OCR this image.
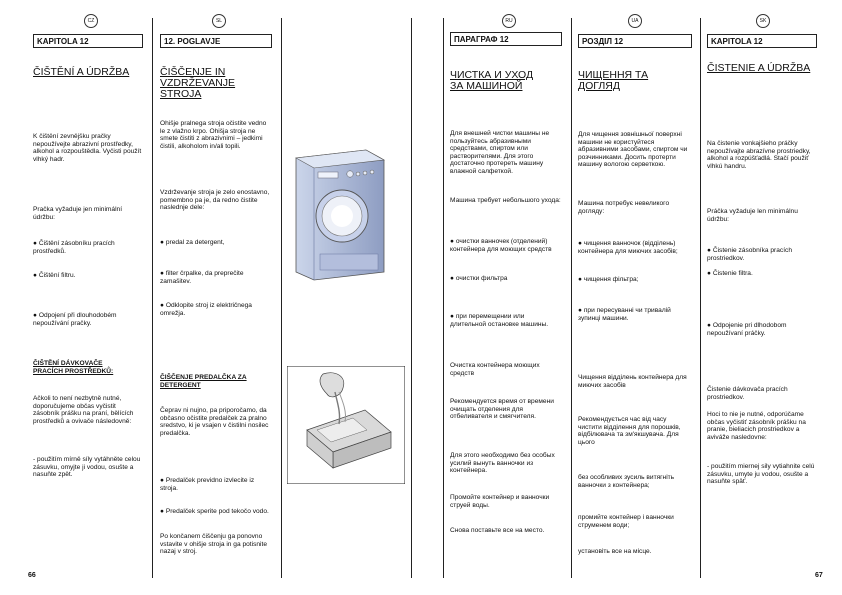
CZ	SL	RU	UA	SK
KAPITOLA 12
ČIŠTĚNÍ A ÚDRŽBA
K čištění zevnějšku pračky nepoužívejte abrazivní prostředky, alkohol a rozpouštědla. Vyčisti použít vlhký hadr.
Pračka vyžaduje jen minimální údržbu:
● Čištění zásobníku pracích prostředků.
● Čištění filtru.
● Odpojení při dlouhodobém nepoužívání pračky.
ČIŠTĚNÍ DÁVKOVAČE PRACÍCH PROSTŘEDKŮ:
Ačkoli to není nezbytně nutné, doporučujeme občas vyčistit zásobník prášku na praní, bělících prostředků a ovivače následovně:
- použitím mírně síly vytáhněte celou zásuvku, omyjte ji vodou, osušte a nasuňte zpět.
12. POGLAVJE
ČIŠČENJE IN VZDRŽEVANJE STROJA
Ohišje pralnega stroja očistite vedno le z vlažno krpo. Ohišja stroja ne smete čistiti z abrazivnimi – jedkimi čistili, alkoholom in/ali topili.
Vzdrževanje stroja je zelo enostavno, pomembno pa je, da redno čistite naslednje dele:
● predal za detergent,
● filter črpalke, da preprečite zamašitev.
● Odklopite stroj iz električnega omrežja.
ČIŠČENJE PREDALČKA ZA DETERGENT
Čeprav ni nujno, pa priporočamo, da občasno očistite predalček za pralno sredstvo, ki je vsajen v čistilni nosilec predalčka.
● Predalček previdno izvlecite iz stroja.
● Predalček sperite pod tekočo vodo.
Po končanem čiščenju ga ponovno vstavite v ohišje stroja in ga potisnite nazaj v stroj.
66
ПАРАГРАФ 12
ЧИСТКА И УХОД ЗА МАШИНОЙ
Для внешней чистки машины не пользуйтесь абразивными средствами, спиртом или растворителями. Для этого достаточно протереть машину влажной салфеткой.
Машина требует небольшого ухода:
● очистки ванночек (отделений) контейнера для моющих средств
● очистки фильтра
● при перемещении или длительной остановке машины.
Очистка контейнера моющих средств
Рекомендуется время от времени очищать отделения для отбеливателя и смягчителя.
Для этого необходимо без особых усилий вынуть ванночки из контейнера.
Промойте контейнер и ванночки струей воды.
Снова поставьте все на место.
РОЗДІЛ 12
ЧИЩЕННЯ ТА ДОГЛЯД
Для чищення зовнішньої поверхні машини не користуйтеся абразивними засобами, спиртом чи розчинниками. Досить протерти машину вологою серветкою.
Машина потребує невеликого догляду:
● чищення ванночок (відділень) контейнера для миючих засобів;
● чищення фільтра;
● при пересуванні чи тривалій зупинці машини.
Чищення відділень контейнера для миючих засобів
Рекомендується час від часу чистити відділення для порошків, відбілювача та зм'якшувача. Для цього
без особливих зусиль витягніть ванночки з контейнера;
промийте контейнер і ванночки струменем води;
установіть все на місце.
KAPITOLA 12
ČISTENIE A ÚDRŽBA
Na čistenie vonkajšieho práčky nepoužívajte abrazívne prostriedky, alkohol a rozpúšťadlá. Stačí použiť vlhkú handru.
Práčka vyžaduje len minimálnu údržbu:
● Čistenie zásobníka pracích prostriedkov.
● Čistenie filtra.
● Odpojenie pri dlhodobom nepoužívaní práčky.
Čistenie dávkovača pracích prostriedkov.
Hoci to nie je nutné, odporúčame občas vyčistiť zásobník prášku na pranie, bieliacich prostriedkov a aviváže nasledovne:
- použitím miernej sily vytiahnite celú zásuvku, umyte ju vodou, osušte a nasuňte späť.
67
